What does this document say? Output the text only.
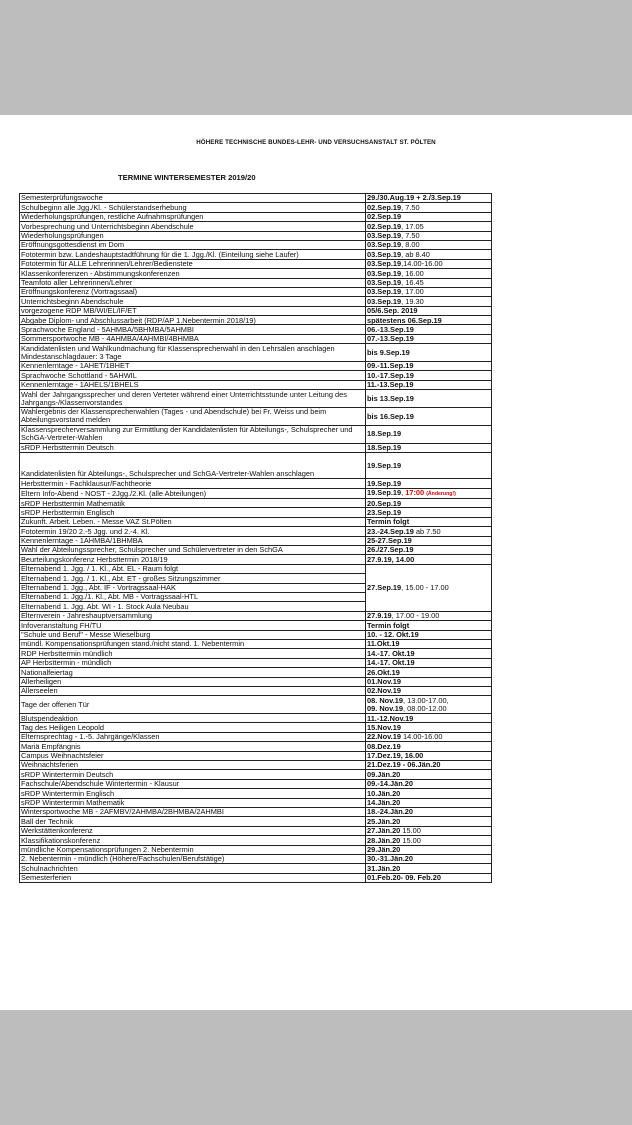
HÖHERE TECHNISCHE BUNDES-LEHR- UND VERSUCHSANSTALT ST. PÖLTEN
TERMINE WINTERSEMESTER 2019/20
Semesterprüfungswoche	29./30.Aug.19 + 2./3.Sep.19
Schulbeginn alle Jgg./Kl. - Schülerstandserhebung	02.Sep.19, 7.50
Wiederholungsprüfungen, restliche Aufnahmsprüfungen	02.Sep.19
Vorbesprechung und Unterrichtsbeginn Abendschule	02.Sep.19, 17.05
Wiederholungsprüfungen	03.Sep.19, 7.50
Eröffnungsgottesdienst im Dom	03.Sep.19, 8.00
Fototermin bzw. Landeshauptstadtführung für die 1. Jgg./Kl. (Einteilung siehe Laufer)	03.Sep.19, ab 8.40
Fototermin für ALLE Lehrerinnen/Lehrer/Bedienstete	03.Sep.19,14.00-16.00
Klassenkonferenzen - Abstimmungskonferenzen	03.Sep.19, 16.00
Teamfoto aller Lehrerinnen/Lehrer	03.Sep.19, 16.45
Eröffnungskonferenz (Vortragssaal)	03.Sep.19, 17.00
Unterrichtsbeginn Abendschule	03.Sep.19, 19.30
vorgezogene RDP MB/WI/EL/IF/ET	05/6.Sep. 2019
Abgabe Diplom- und Abschlussarbeit (RDP/AP 1.Nebentermin 2018/19)	spätestens 06.Sep.19
Sprachwoche England - 5AHMBA/5BHMBA/5AHMBI	06.-13.Sep.19
Sommersportwoche MB - 4AHMBA/4AHMBI/4BHMBA	07.-13.Sep.19
Kandidatenlisten und Wahlkundmachung für Klassensprecherwahl in den Lehrsälen anschlagen Mindestanschlagdauer: 3 Tage	bis 9.Sep.19
Kennenlerntage - 1AHET/1BHET	09.-11.Sep.19
Sprachwoche Schottland - 5AHWIL	10.-17.Sep.19
Kennenlerntage - 1AHELS/1BHELS	11.-13.Sep.19
Wahl der Jahrgangssprecher und deren Verteter während einer Unterrichtsstunde unter Leitung des Jahrgangs-/Klassenvorstandes	bis 13.Sep.19
Wahlergebnis der Klassensprecherwahlen (Tages - und Abendschule) bei Fr. Weiss und beim Abteilungsvorstand melden	bis 16.Sep.19
Klassensprecherversammlung zur Ermittlung der Kandidatenlisten für Abteilungs-, Schulsprecher und SchGA-Vertreter-Wahlen	18.Sep.19
sRDP Herbsttermin Deutsch	18.Sep.19
Kandidatenlisten für Abteilungs-, Schulsprecher und SchGA-Vertreter-Wahlen anschlagen	19.Sep.19
Herbsttermin - Fachklausur/Fachtheorie	19.Sep.19
Eltern Info-Abend - NOST - 2Jgg./2.Kl. (alle Abteilungen)	19.Sep.19, 17:00 (Änderung!)
sRDP Herbsttermin Mathematik	20.Sep.19
sRDP Herbsttermin Englisch	23.Sep.19
Zukunft. Arbeit. Leben. - Messe VAZ St.Pölten	Termin folgt
Fototermin 19/20 2.-5 Jgg. und 2.-4. Kl.	23.-24.Sep.19 ab 7.50
Kennenlerntage - 1AHMBA/1BHMBA	25-27.Sep.19
Wahl der Abteilungssprecher, Schulsprecher und Schülervertreter in den SchGA	26./27.Sep.19
Beurteilungskonferenz Herbsttermin 2018/19	27.9.19, 14.00
Elternabend 1. Jgg. / 1. Kl., Abt. EL - Raum folgt	27.Sep.19, 15.00 - 17.00
Elternabend 1. Jgg. / 1. Kl., Abt. ET - großes Sitzungszimmer	
Elternabend 1. Jgg., Abt. IF - Vortragssaal-HAK	
Elternabend 1. Jgg./1. Kl., Abt. MB - Vortragssaal-HTL	
Elternabend 1. Jgg. Abt. WI - 1. Stock Aula Neubau	
Elternverein - Jahreshauptversammlung	27.9.19, 17.00 - 19.00
Infoveranstaltung FH/TU	Termin folgt
"Schule und Beruf" - Messe Wieselburg	10. - 12. Okt.19
mündl. Kompensationsprüfungen stand./nicht stand. 1. Nebentermin	11.Okt.19
RDP Herbsttermin mündlich	14.-17. Okt.19
AP Herbsttermin - mündlich	14.-17. Okt.19
Nationalfeiertag	26.Okt.19
Allerheiligen	01.Nov.19
Allerseelen	02.Nov.19
Tage der offenen Tür	08. Nov.19, 13.00-17.00,
09. Nov.19, 08.00-12.00
Blutspendeaktion	11.-12.Nov.19
Tag des Heiligen Leopold	15.Nov.19
Elternsprechtag - 1.-5. Jahrgänge/Klassen	22.Nov.19 14.00-16.00
Mariä Empfängnis	08.Dez.19
Campus Weihnachtsfeier	17.Dez.19, 16.00
Weihnachtsferien	21.Dez.19 - 06.Jän.20
sRDP Wintertermin Deutsch	09.Jän.20
Fachschule/Abendschule Wintertermin - Klausur	09.-14.Jän.20
sRDP Wintertermin Englisch	10.Jän.20
sRDP Wintertermin Mathematik	14.Jän.20
Wintersportwoche MB - 2AFMBV/2AHMBA/2BHMBA/2AHMBI	18.-24.Jän.20
Ball der Technik	25.Jän.20
Werkstättenkonferenz	27.Jän.20 15.00
Klassifikationskonferenz	28.Jän.20 15.00
mündliche Kompensationsprüfungen 2. Nebentermin	29.Jän.20
2. Nebentermin - mündlich (Höhere/Fachschulen/Berufstätige)	30.-31.Jän.20
Schulnachrichten	31.Jän.20
Semesterferien	01.Feb.20- 09. Feb.20
